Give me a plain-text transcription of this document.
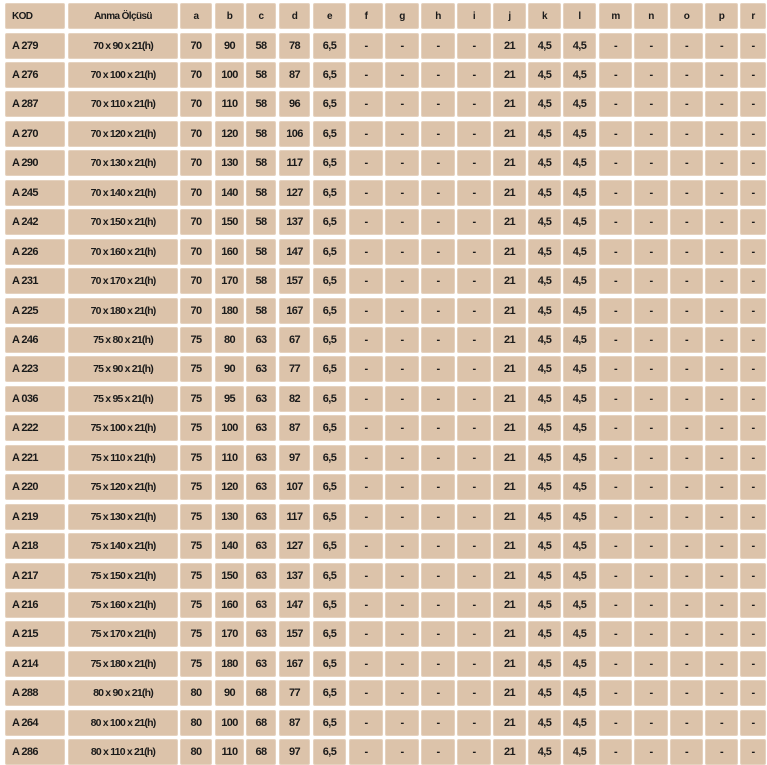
KOD	Anma Ölçüsü	a	b	c	d	e	f	g	h	i	j	k	l	m	n	o	p	r
A 279	70 x 90 x 21(h)	70	90	58	78	6,5	-	-	-	-	21	4,5	4,5	-	-	-	-	-
A 276	70 x 100 x 21(h)	70	100	58	87	6,5	-	-	-	-	21	4,5	4,5	-	-	-	-	-
A 287	70 x 110 x 21(h)	70	110	58	96	6,5	-	-	-	-	21	4,5	4,5	-	-	-	-	-
A 270	70 x 120 x 21(h)	70	120	58	106	6,5	-	-	-	-	21	4,5	4,5	-	-	-	-	-
A 290	70 x 130 x 21(h)	70	130	58	117	6,5	-	-	-	-	21	4,5	4,5	-	-	-	-	-
A 245	70 x 140 x 21(h)	70	140	58	127	6,5	-	-	-	-	21	4,5	4,5	-	-	-	-	-
A 242	70 x 150 x 21(h)	70	150	58	137	6,5	-	-	-	-	21	4,5	4,5	-	-	-	-	-
A 226	70 x 160 x 21(h)	70	160	58	147	6,5	-	-	-	-	21	4,5	4,5	-	-	-	-	-
A 231	70 x 170 x 21(h)	70	170	58	157	6,5	-	-	-	-	21	4,5	4,5	-	-	-	-	-
A 225	70 x 180 x 21(h)	70	180	58	167	6,5	-	-	-	-	21	4,5	4,5	-	-	-	-	-
A 246	75 x 80 x 21(h)	75	80	63	67	6,5	-	-	-	-	21	4,5	4,5	-	-	-	-	-
A 223	75 x 90 x 21(h)	75	90	63	77	6,5	-	-	-	-	21	4,5	4,5	-	-	-	-	-
A 036	75 x 95 x 21(h)	75	95	63	82	6,5	-	-	-	-	21	4,5	4,5	-	-	-	-	-
A 222	75 x 100 x 21(h)	75	100	63	87	6,5	-	-	-	-	21	4,5	4,5	-	-	-	-	-
A 221	75 x 110 x 21(h)	75	110	63	97	6,5	-	-	-	-	21	4,5	4,5	-	-	-	-	-
A 220	75 x 120 x 21(h)	75	120	63	107	6,5	-	-	-	-	21	4,5	4,5	-	-	-	-	-
A 219	75 x 130 x 21(h)	75	130	63	117	6,5	-	-	-	-	21	4,5	4,5	-	-	-	-	-
A 218	75 x 140 x 21(h)	75	140	63	127	6,5	-	-	-	-	21	4,5	4,5	-	-	-	-	-
A 217	75 x 150 x 21(h)	75	150	63	137	6,5	-	-	-	-	21	4,5	4,5	-	-	-	-	-
A 216	75 x 160 x 21(h)	75	160	63	147	6,5	-	-	-	-	21	4,5	4,5	-	-	-	-	-
A 215	75 x 170 x 21(h)	75	170	63	157	6,5	-	-	-	-	21	4,5	4,5	-	-	-	-	-
A 214	75 x 180 x 21(h)	75	180	63	167	6,5	-	-	-	-	21	4,5	4,5	-	-	-	-	-
A 288	80 x 90 x 21(h)	80	90	68	77	6,5	-	-	-	-	21	4,5	4,5	-	-	-	-	-
A 264	80 x 100 x 21(h)	80	100	68	87	6,5	-	-	-	-	21	4,5	4,5	-	-	-	-	-
A 286	80 x 110 x 21(h)	80	110	68	97	6,5	-	-	-	-	21	4,5	4,5	-	-	-	-	-
